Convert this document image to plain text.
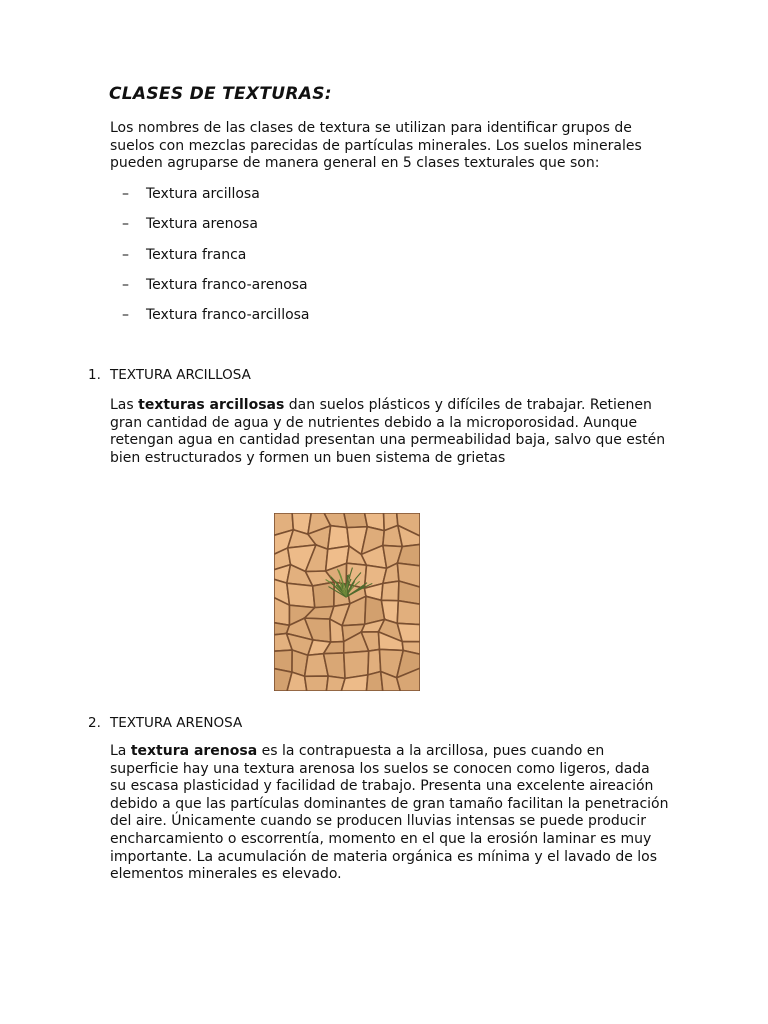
CLASES DE TEXTURAS:

Los nombres de las clases de textura se utilizan para identificar grupos de suelos con mezclas parecidas de partículas minerales. Los suelos minerales pueden agruparse de manera general en 5 clases texturales que son:

–	Textura arcillosa
–	Textura arenosa
–	Textura franca
–	Textura franco-arenosa
–	Textura franco-arcillosa
1. TEXTURA ARCILLOSA

Las texturas arcillosas dan suelos plásticos y difíciles de trabajar. Retienen gran cantidad de agua y de nutrientes debido a la microporosidad. Aunque retengan agua en cantidad presentan una permeabilidad baja, salvo que estén bien estructurados y formen un buen sistema de grietas

2. TEXTURA ARENOSA

La textura arenosa es la contrapuesta a la arcillosa, pues cuando en superficie hay una textura arenosa los suelos se conocen como ligeros, dada su escasa plasticidad y facilidad de trabajo. Presenta una excelente aireación debido a que las partículas dominantes de gran tamaño facilitan la penetración del aire. Únicamente cuando se producen lluvias intensas se puede producir encharcamiento o escorrentía, momento en el que la erosión laminar es muy importante. La acumulación de materia orgánica es mínima y el lavado de los elementos minerales es elevado.
